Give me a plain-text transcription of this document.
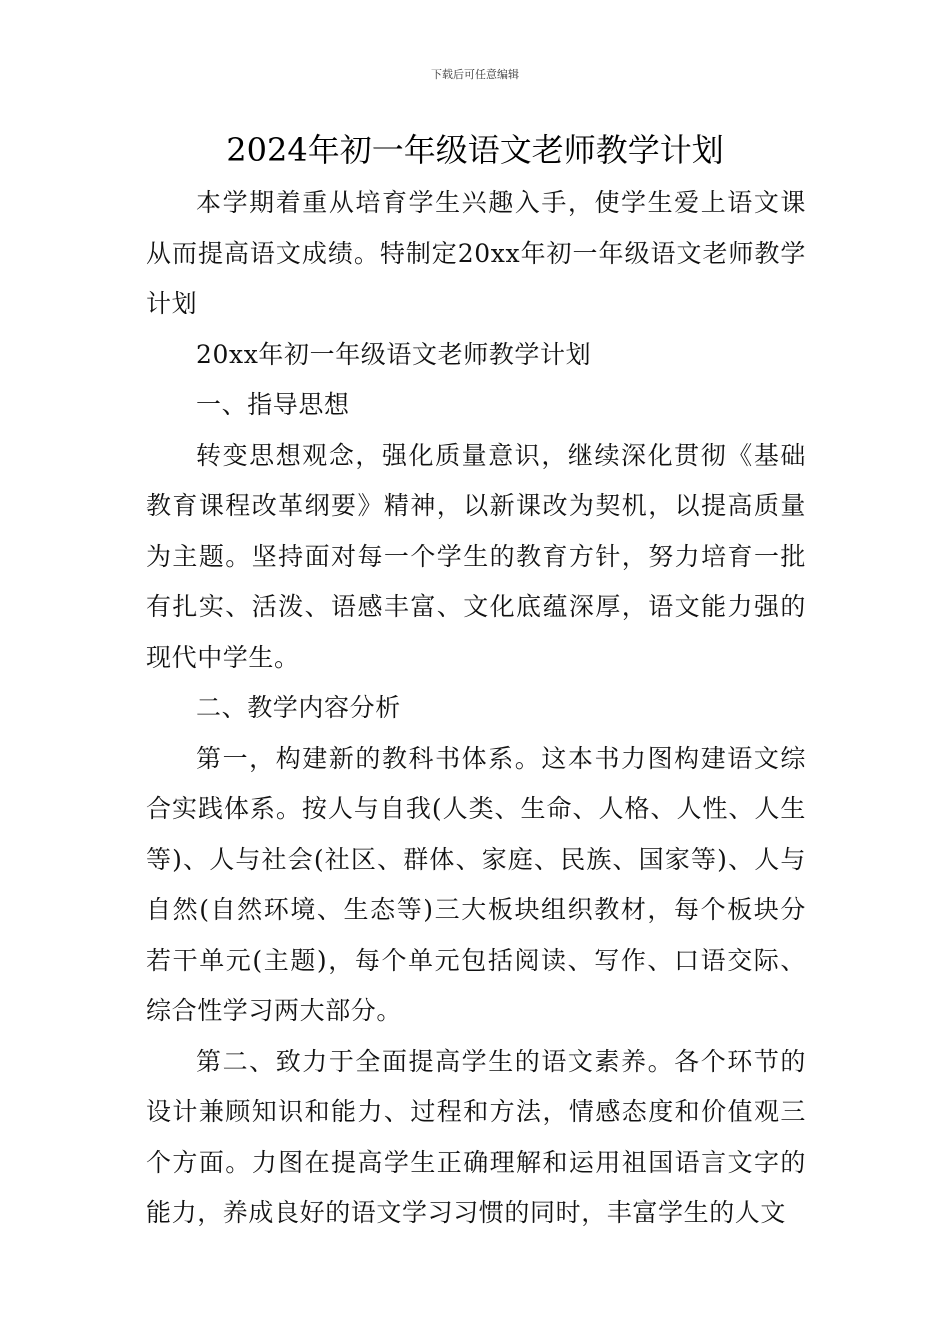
下载后可任意编辑
2024年初一年级语文老师教学计划

本学期着重从培育学生兴趣入手，使学生爱上语文课从而提高语文成绩。特制定20xx年初一年级语文老师教学计划

20xx年初一年级语文老师教学计划

一、指导思想

转变思想观念，强化质量意识，继续深化贯彻《基础教育课程改革纲要》精神，以新课改为契机，以提高质量为主题。坚持面对每一个学生的教育方针，努力培育一批有扎实、活泼、语感丰富、文化底蕴深厚，语文能力强的现代中学生。

二、教学内容分析

第一，构建新的教科书体系。这本书力图构建语文综合实践体系。按人与自我(人类、生命、人格、人性、人生等)、人与社会(社区、群体、家庭、民族、国家等)、人与自然(自然环境、生态等)三大板块组织教材，每个板块分若干单元(主题)，每个单元包括阅读、写作、口语交际、综合性学习两大部分。

第二、致力于全面提高学生的语文素养。各个环节的设计兼顾知识和能力、过程和方法，情感态度和价值观三个方面。力图在提高学生正确理解和运用祖国语言文字的能力，养成良好的语文学习习惯的同时，丰富学生的人文
